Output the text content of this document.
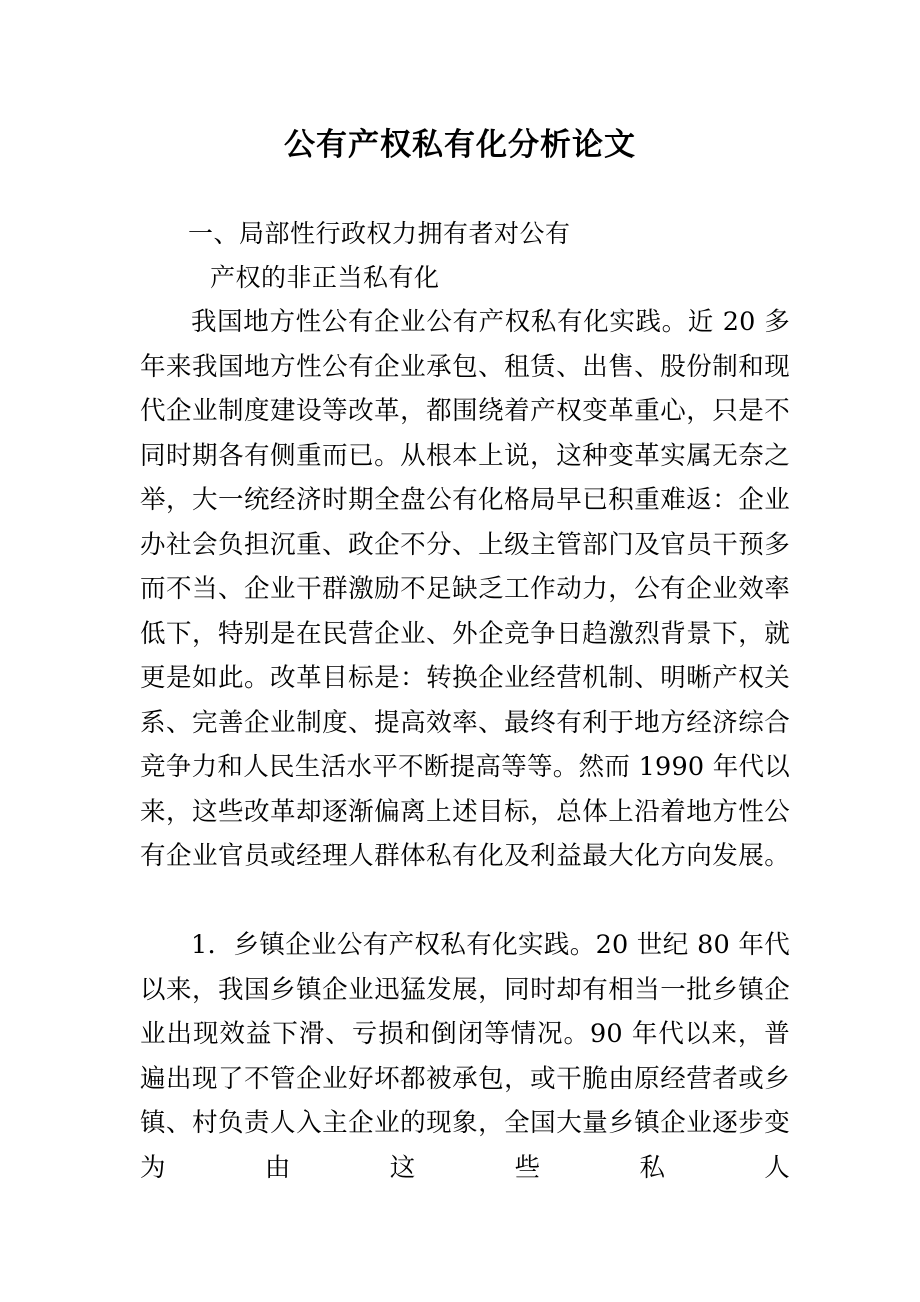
公有产权私有化分析论文
一、局部性行政权力拥有者对公有
产权的非正当私有化

我国地方性公有企业公有产权私有化实践。近 20 多年来我国地方性公有企业承包、租赁、出售、股份制和现代企业制度建设等改革，都围绕着产权变革重心，只是不同时期各有侧重而已。从根本上说，这种变革实属无奈之举，大一统经济时期全盘公有化格局早已积重难返：企业办社会负担沉重、政企不分、上级主管部门及官员干预多而不当、企业干群激励不足缺乏工作动力，公有企业效率低下，特别是在民营企业、外企竞争日趋激烈背景下，就更是如此。改革目标是：转换企业经营机制、明晰产权关系、完善企业制度、提高效率、最终有利于地方经济综合竞争力和人民生活水平不断提高等等。然而 1990 年代以来，这些改革却逐渐偏离上述目标，总体上沿着地方性公有企业官员或经理人群体私有化及利益最大化方向发展。

1．乡镇企业公有产权私有化实践。20 世纪 80 年代以来，我国乡镇企业迅猛发展，同时却有相当一批乡镇企业出现效益下滑、亏损和倒闭等情况。90 年代以来，普遍出现了不管企业好坏都被承包，或干脆由原经营者或乡镇、村负责人入主企业的现象，全国大量乡镇企业逐步变为由这些私人
